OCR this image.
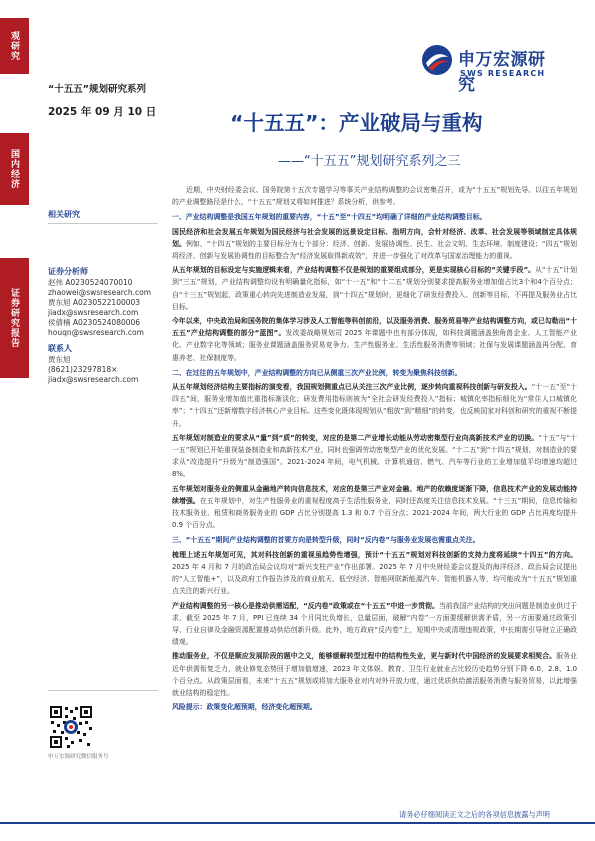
观研究
国内经济
证券研究报告
“十五五”规划研究系列
2025 年 09 月 10 日
申万宏源研究
SWS RESEARCH
“十五五”：产业破局与重构
——“十五五”规划研究系列之三
相关研究
证券分析师
赵伟 A0230524070010
zhaowei@swsresearch.com
贾东旭 A0230522100003
jiadx@swsresearch.com
侯倩楠 A0230524080006
houqn@swsresearch.com
联系人
贾东旭
(8621)23297818×
jiadx@swsresearch.com
申万宏源研究微信服务号

近期，中央财经委会议、国务院第十五次专题学习等事关产业结构调整的会议密集召开，或为“十五五”规划先导。以往五年规划的产业调整路径是什么，“十五五”规划又将如何推进？系统分析，供参考。

一、产业结构调整是我国五年规划的重要内容，“十五”至“十四五”均明确了详细的产业结构调整目标。

国民经济和社会发展五年规划为国民经济与社会发展的远景设定目标、指明方向，会针对经济、改革、社会发展等领域制定具体规划。例如，“十四五”规划的主要目标分为七个部分：经济、创新、发展协调性、民生、社会文明、生态环境、制度建设；“四五”规划将经济、创新与发展协调性的目标整合为“经济发展取得新成效”，并进一步强化了对改革与国家治理能力的重视。

从五年规划的目标设定与实施逻辑来看，产业结构调整不仅是规划的重要组成部分，更是实现核心目标的“关键手段”。从“十五”计划到“三五”规划，产业结构调整均设有明确量化指标，如“十一五”和“十二五”规划分别要求提高服务业增加值占比3个和4个百分点；自“十三五”规划起，政策重心转向先进制造业发展，到“十四五”规划时，更细化了研发经费投入、创新等目标，不再提及服务业占比目标。

今年以来，中央政治局和国务院的集体学习涉及人工智能等科创前沿，以及服务消费、服务贸易等产业结构调整方向，或已勾勒出“十五五”产业结构调整的部分“蓝图”。发改委战略规划司 2025 年课题中也有部分体现，如科技调题涵盖独角兽企业、人工智能产业化、产业数字化等领域；服务业课题涵盖服务贸易竞争力、生产性服务业、生活性服务消费等领域；社保与发展课题涵盖再分配、育惠养老、社保制度等。

二、在过往的五年规划中，产业结构调整的方向已从侧重三次产业比例，转变为聚焦科技创新。

从五年规划经济结构主要指标的演变看，我国规划侧重点已从关注三次产业比例，逐步转向重视科技创新与研发投入。“十一五”至“十四五”间，服务业增加值比重指标渐淡化；研发费用指标则被为“全社会研发经费投入”指标；城镇化率指标细化为“常住人口城镇化率”；“十四五”还新增数字经济核心产业目标。这些变化既体现规划从“粗放”到“精细”的转变，也反映国家对科创和研究的重视不断提升。

五年规划对制造业的要求从“量”到“质”的转变，对应的是第二产业增长动能从劳动密集型行业向高新技术产业的切换。“十五”与“十一五”规划已开始重视装备制造业和高新技术产业，同时也强调劳动密集型产业的优化发展。“十二五”到“十四五”规划，对制造业的要求从“改造提升”升级为“制造强国”。2021-2024 年间，电气机械、计算机通信、燃气、汽车等行业的工业增加值平均增速均超过 8%。

五年规划对服务业的侧重从金融地产转向信息技术，对应的是第三产业对金融、地产的依赖度逐渐下降，信息技术产业的发展动能持续增强。在五年规划中，对生产性服务业的重视程度高于生活性服务业，同时还高度关注信息技术发展。“十三五”期间，信息传输和技术服务业、租赁和商务服务业的 GDP 占比分别提高 1.3 和 0.7 个百分点；2021-2024 年间，两大行业的 GDP 占比再度均提升 0.9 个百分点。

三、“十五五”期间产业结构调整的首要方向是转型升级，同时“反内卷”与服务业发展也需重点关注。

梳理上述五年规划可见，其对科技创新的重视虽趋势性增强，预计“十五五”规划对科技创新的支持力度将延续“十四五”的方向。2025 年 4 月和 7 月的政治局会议均对“新兴支柱产业”作出部署。2025 年 7 月中央财经委会议提及的海洋经济、政治局会议提出的“人工智能+”，以及政府工作报告涉及的商业航天、低空经济、智能网联新能源汽车、智能机器人等，均可能成为“十五五”规划重点关注的新兴行业。

产业结构调整的另一核心是推动供需适配，“反内卷”政策或在“十五五”中进一步贯彻。当前我国产业结构的突出问题是制造业供过于求，截至 2025 年 7 月，PPI 已连续 34 个月同比负增长，总量层面，破解“内卷”一方面要缓解供需矛盾，另一方面要通过政策引导、行业自律及金融资源配置推动供给创新升级。此外，地方政府“反内卷”上，短期中央或清理违规政策，中长期需引导财立正确政绩观。

推动服务业，不仅是顺应发展阶段的题中之义，能够缓解转型过程中的结构性失业，更与新时代中国经济的发展要求相契合。服务业近年供需衔复乏力，就业修复态势回于增加值增速，2023 年文体娱、教育、卫生行业就业占比较历史趋势分别下降 6.0、2.8、1.0 个百分点。从政策层面看，未来“十五五”规划或将加大服务业对内对外开放力度，通过优质供给激活服务消费与服务贸易，以此增强就业结构的稳定性。

风险提示：政策变化超预期，经济变化超预期。

请务必仔细阅读正文之后的各项信息披露与声明
